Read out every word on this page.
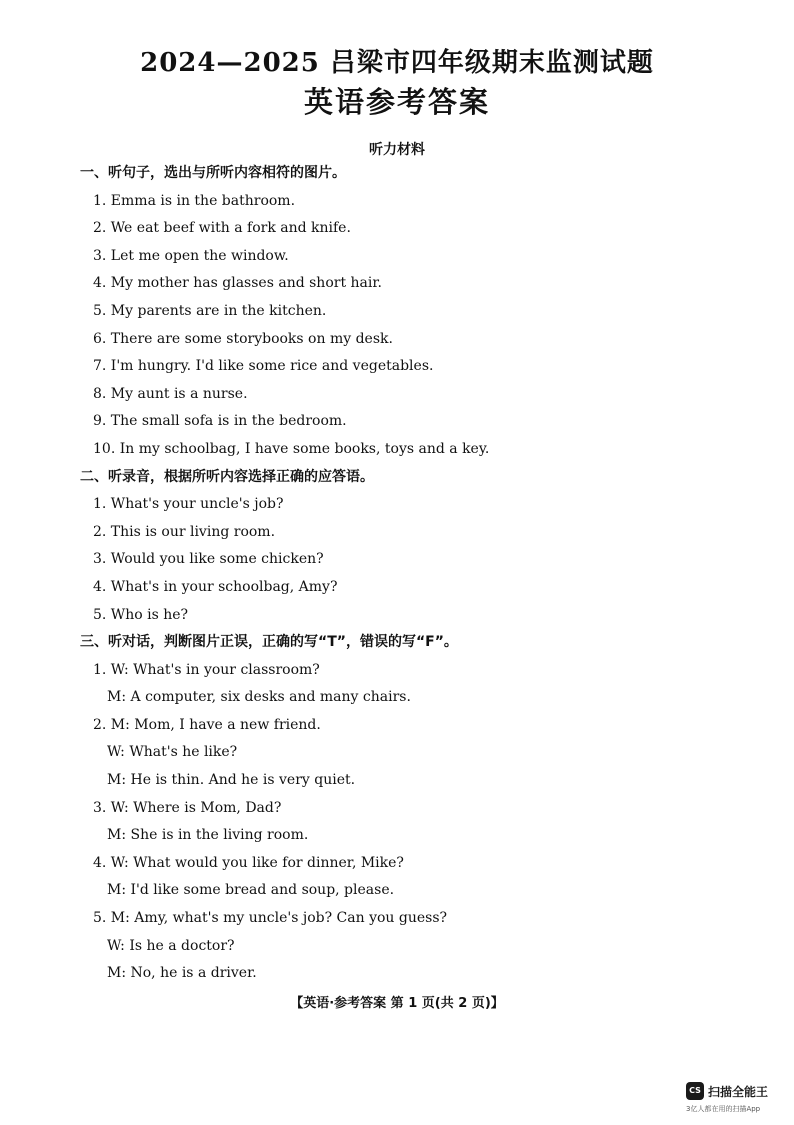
2024—2025 吕梁市四年级期末监测试题
英语参考答案
听力材料
一、听句子，选出与所听内容相符的图片。
1. Emma is in the bathroom.
2. We eat beef with a fork and knife.
3. Let me open the window.
4. My mother has glasses and short hair.
5. My parents are in the kitchen.
6. There are some storybooks on my desk.
7. I'm hungry. I'd like some rice and vegetables.
8. My aunt is a nurse.
9. The small sofa is in the bedroom.
10. In my schoolbag, I have some books, toys and a key.
二、听录音，根据所听内容选择正确的应答语。
1. What's your uncle's job?
2. This is our living room.
3. Would you like some chicken?
4. What's in your schoolbag, Amy?
5. Who is he?
三、听对话，判断图片正误，正确的写“T”，错误的写“F”。
1. W: What's in your classroom?
M: A computer, six desks and many chairs.
2. M: Mom, I have a new friend.
W: What's he like?
M: He is thin. And he is very quiet.
3. W: Where is Mom, Dad?
M: She is in the living room.
4. W: What would you like for dinner, Mike?
M: I'd like some bread and soup, please.
5. M: Amy, what's my uncle's job? Can you guess?
W: Is he a doctor?
M: No, he is a driver.
【英语·参考答案 第 1 页(共 2 页)】
CS 扫描全能王
3亿人都在用的扫描App
